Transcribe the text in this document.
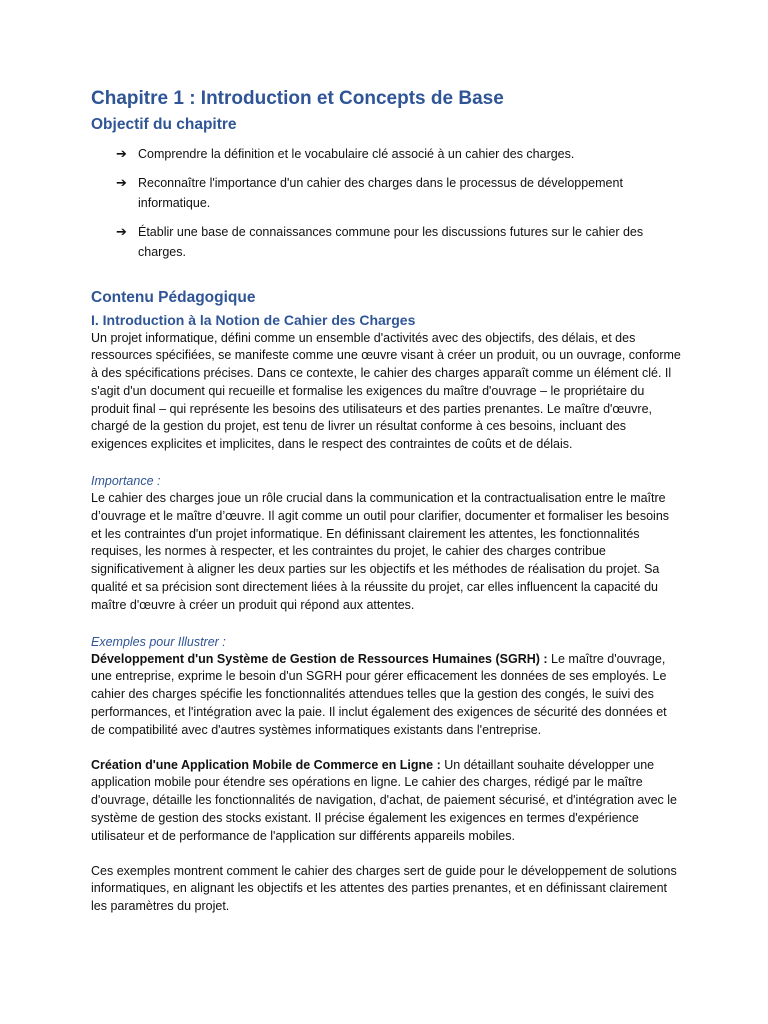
Chapitre 1 : Introduction et Concepts de Base
Objectif du chapitre
➔ Comprendre la définition et le vocabulaire clé associé à un cahier des charges.
➔ Reconnaître l'importance d'un cahier des charges dans le processus de développement informatique.
➔ Établir une base de connaissances commune pour les discussions futures sur le cahier des charges.
Contenu Pédagogique
I. Introduction à la Notion de Cahier des Charges

Un projet informatique, défini comme un ensemble d'activités avec des objectifs, des délais, et des ressources spécifiées, se manifeste comme une œuvre visant à créer un produit, ou un ouvrage, conforme à des spécifications précises. Dans ce contexte, le cahier des charges apparaît comme un élément clé. Il s'agit d'un document qui recueille et formalise les exigences du maître d'ouvrage – le propriétaire du produit final – qui représente les besoins des utilisateurs et des parties prenantes. Le maître d'œuvre, chargé de la gestion du projet, est tenu de livrer un résultat conforme à ces besoins, incluant des exigences explicites et implicites, dans le respect des contraintes de coûts et de délais.

Importance :

Le cahier des charges joue un rôle crucial dans la communication et la contractualisation entre le maître d’ouvrage et le maître d’œuvre. Il agit comme un outil pour clarifier, documenter et formaliser les besoins et les contraintes d'un projet informatique. En définissant clairement les attentes, les fonctionnalités requises, les normes à respecter, et les contraintes du projet, le cahier des charges contribue significativement à aligner les deux parties sur les objectifs et les méthodes de réalisation du projet. Sa qualité et sa précision sont directement liées à la réussite du projet, car elles influencent la capacité du maître d'œuvre à créer un produit qui répond aux attentes.

Exemples pour Illustrer :

Développement d'un Système de Gestion de Ressources Humaines (SGRH) : Le maître d'ouvrage, une entreprise, exprime le besoin d'un SGRH pour gérer efficacement les données de ses employés. Le cahier des charges spécifie les fonctionnalités attendues telles que la gestion des congés, le suivi des performances, et l'intégration avec la paie. Il inclut également des exigences de sécurité des données et de compatibilité avec d'autres systèmes informatiques existants dans l'entreprise.

Création d'une Application Mobile de Commerce en Ligne : Un détaillant souhaite développer une application mobile pour étendre ses opérations en ligne. Le cahier des charges, rédigé par le maître d'ouvrage, détaille les fonctionnalités de navigation, d'achat, de paiement sécurisé, et d'intégration avec le système de gestion des stocks existant. Il précise également les exigences en termes d'expérience utilisateur et de performance de l'application sur différents appareils mobiles.

Ces exemples montrent comment le cahier des charges sert de guide pour le développement de solutions informatiques, en alignant les objectifs et les attentes des parties prenantes, et en définissant clairement les paramètres du projet.
